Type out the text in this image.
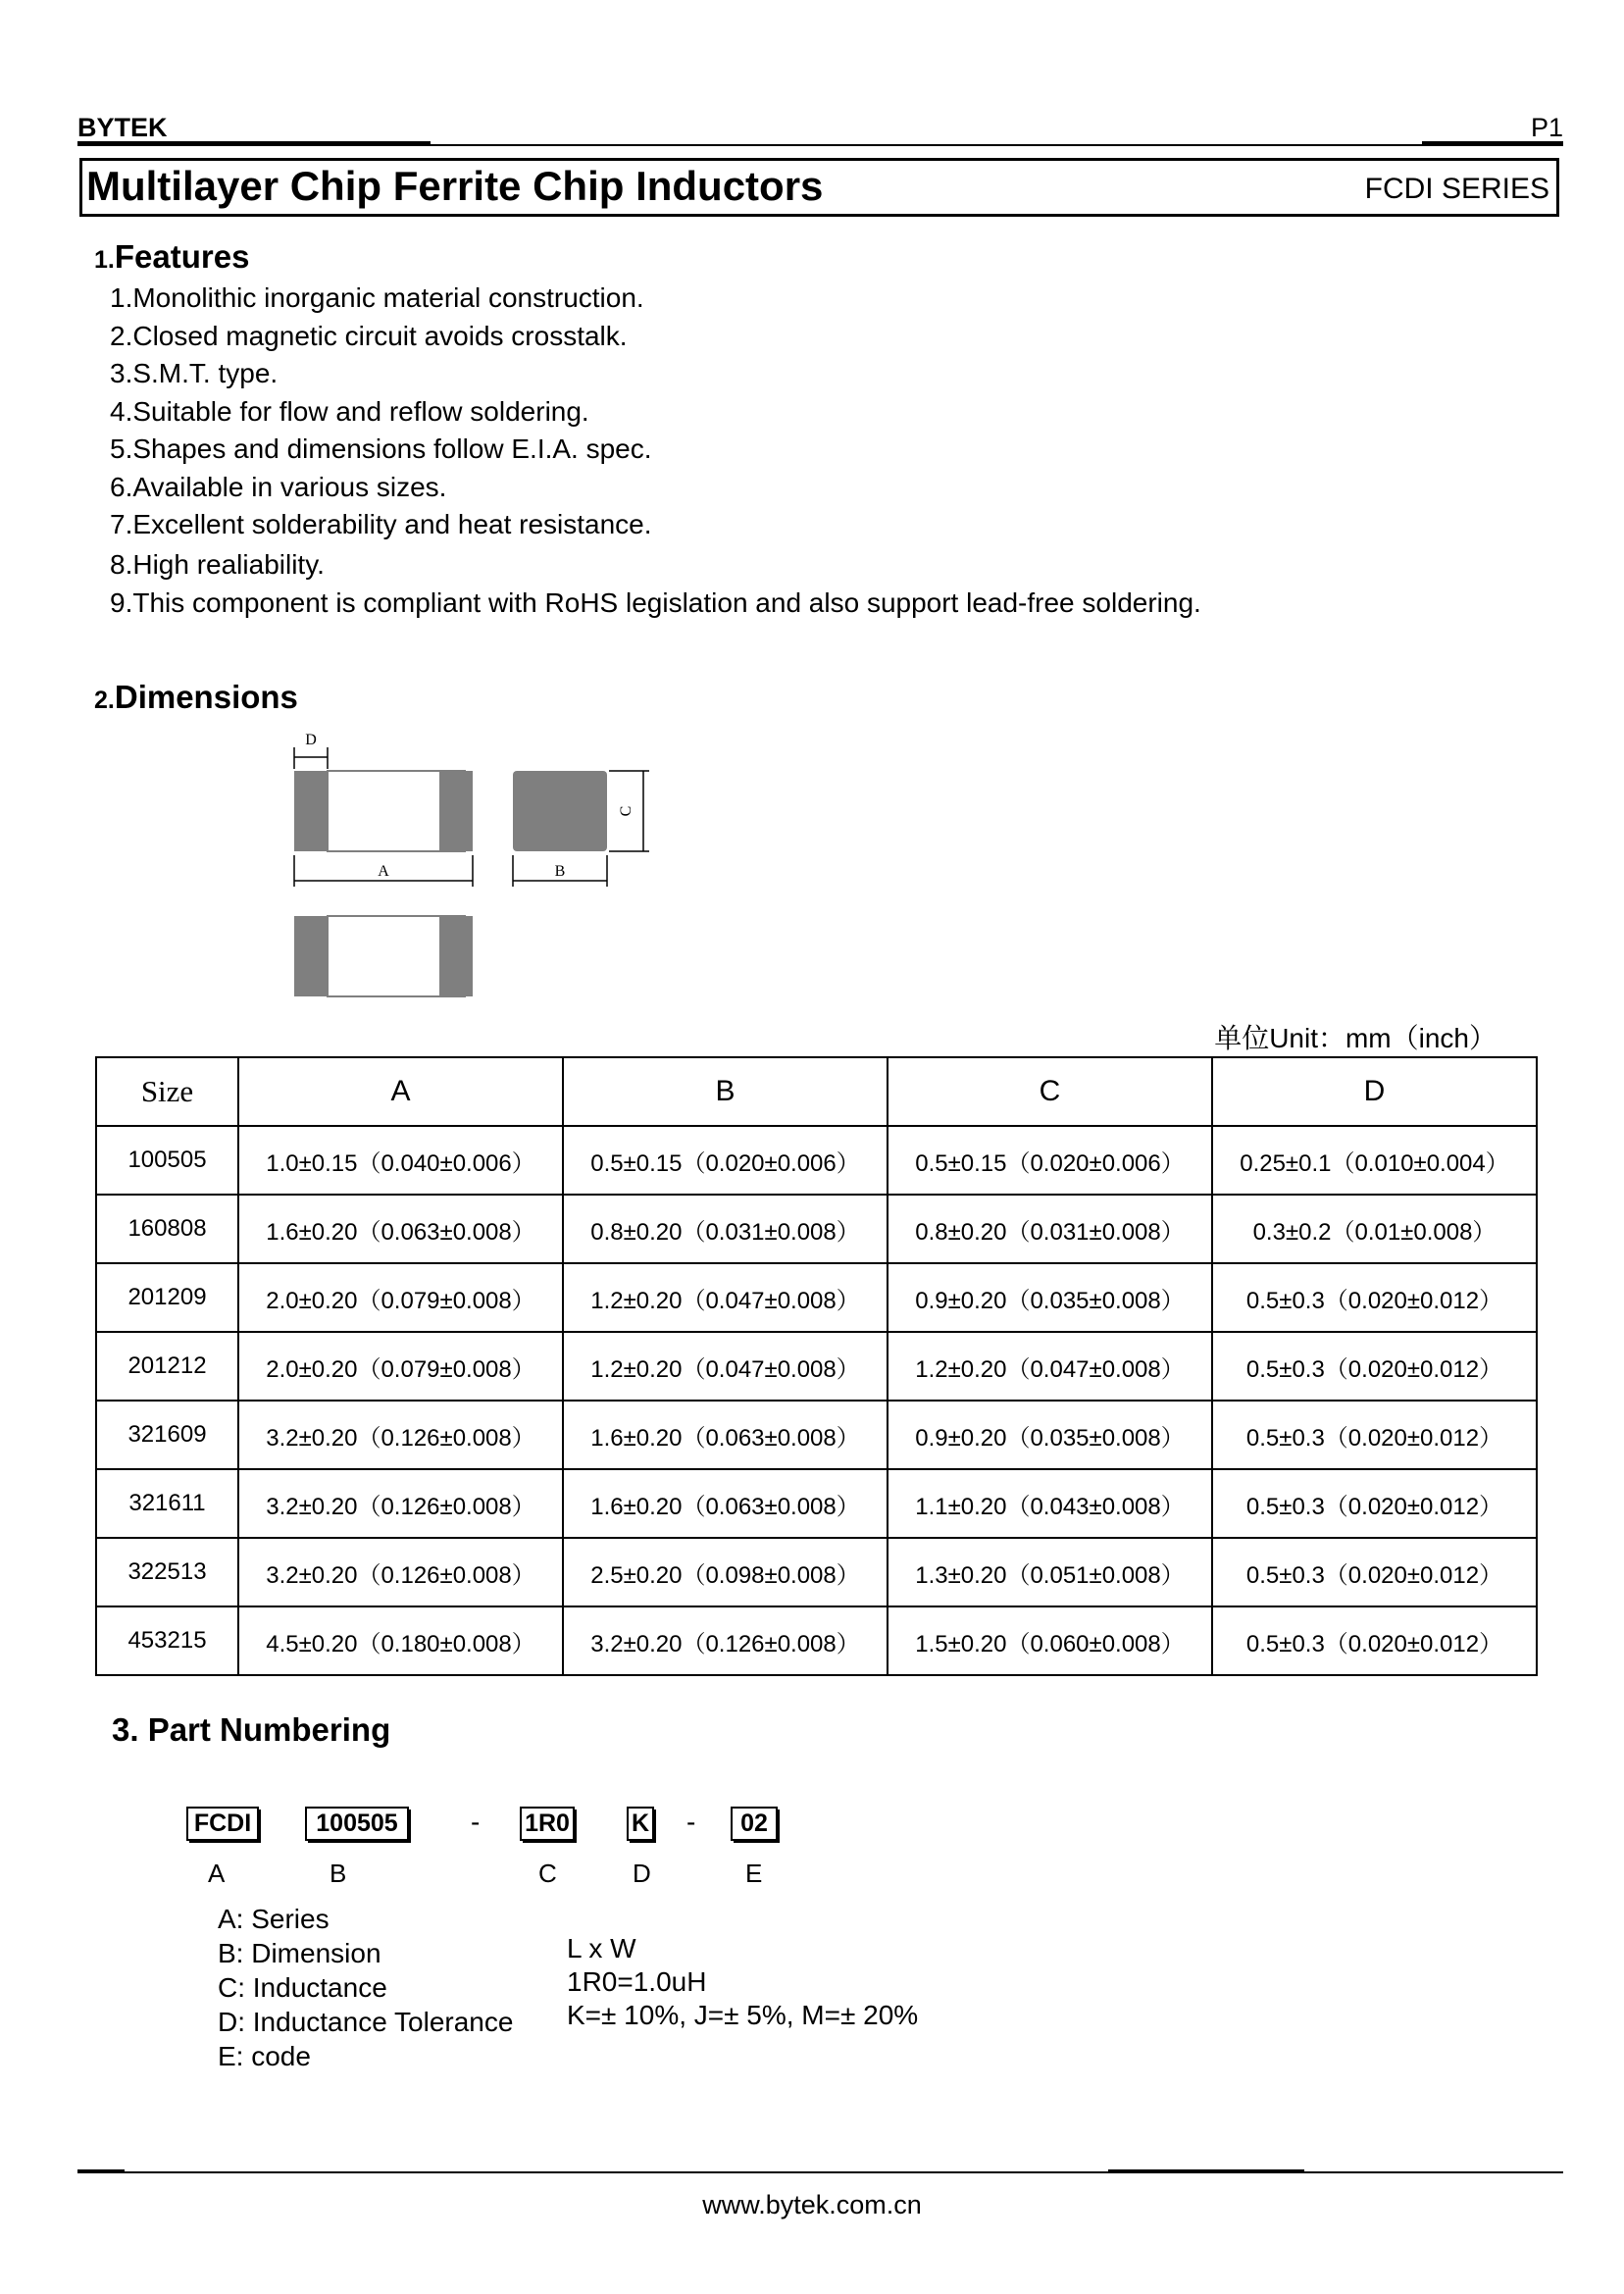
BYTEK	P1
Multilayer Chip Ferrite Chip Inductors	FCDI SERIES
1.Features
1.Monolithic inorganic material construction.
2.Closed magnetic circuit avoids crosstalk.
3.S.M.T. type.
4.Suitable for flow and reflow soldering.
5.Shapes and dimensions follow E.I.A. spec.
6.Available in various sizes.
7.Excellent solderability and heat resistance.
8.High realiability.
9.This component is compliant with RoHS legislation and also support lead-free soldering.
2.Dimensions
D
A	B
C
单位Unit：mm（inch）
Size	A	B	C	D
100505	1.0±0.15（0.040±0.006）	0.5±0.15（0.020±0.006）	0.5±0.15（0.020±0.006）	0.25±0.1（0.010±0.004）
160808	1.6±0.20（0.063±0.008）	0.8±0.20（0.031±0.008）	0.8±0.20（0.031±0.008）	0.3±0.2（0.01±0.008）
201209	2.0±0.20（0.079±0.008）	1.2±0.20（0.047±0.008）	0.9±0.20（0.035±0.008）	0.5±0.3（0.020±0.012）
201212	2.0±0.20（0.079±0.008）	1.2±0.20（0.047±0.008）	1.2±0.20（0.047±0.008）	0.5±0.3（0.020±0.012）
321609	3.2±0.20（0.126±0.008）	1.6±0.20（0.063±0.008）	0.9±0.20（0.035±0.008）	0.5±0.3（0.020±0.012）
321611	3.2±0.20（0.126±0.008）	1.6±0.20（0.063±0.008）	1.1±0.20（0.043±0.008）	0.5±0.3（0.020±0.012）
322513	3.2±0.20（0.126±0.008）	2.5±0.20（0.098±0.008）	1.3±0.20（0.051±0.008）	0.5±0.3（0.020±0.012）
453215	4.5±0.20（0.180±0.008）	3.2±0.20（0.126±0.008）	1.5±0.20（0.060±0.008）	0.5±0.3（0.020±0.012）
3. Part Numbering
FCDI	100505	- 1R0	K -	02
A	B	C	D	E
A: Series
B: Dimension
C: Inductance
D: Inductance Tolerance
E: code
L x W
1R0=1.0uH
K=± 10%, J=± 5%, M=± 20%
www.bytek.com.cn
